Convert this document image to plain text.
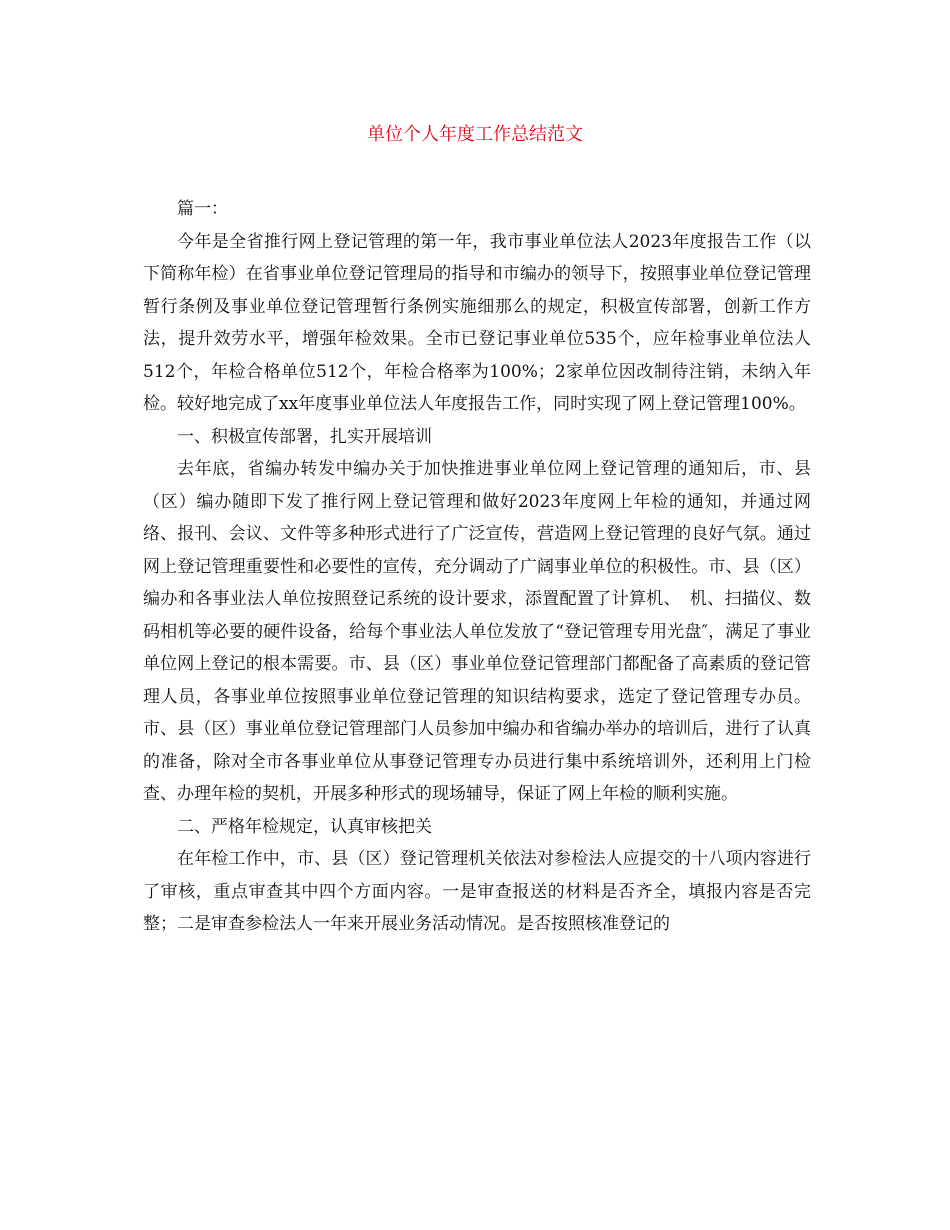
单位个人年度工作总结范文

篇一：

今年是全省推行网上登记管理的第一年，我市事业单位法人2023年度报告工作（以下简称年检）在省事业单位登记管理局的指导和市编办的领导下，按照事业单位登记管理暂行条例及事业单位登记管理暂行条例实施细那么的规定，积极宣传部署，创新工作方法，提升效劳水平，增强年检效果。全市已登记事业单位535个，应年检事业单位法人512个，年检合格单位512个，年检合格率为100%；2家单位因改制待注销，未纳入年检。较好地完成了xx年度事业单位法人年度报告工作，同时实现了网上登记管理100%。

一、积极宣传部署，扎实开展培训

去年底，省编办转发中编办关于加快推进事业单位网上登记管理的通知后，市、县（区）编办随即下发了推行网上登记管理和做好2023年度网上年检的通知，并通过网络、报刊、会议、文件等多种形式进行了广泛宣传，营造网上登记管理的良好气氛。通过网上登记管理重要性和必要性的宣传，充分调动了广阔事业单位的积极性。市、县（区）编办和各事业法人单位按照登记系统的设计要求，添置配置了计算机、　机、扫描仪、数码相机等必要的硬件设备，给每个事业法人单位发放了“登记管理专用光盘″，满足了事业单位网上登记的根本需要。市、县（区）事业单位登记管理部门都配备了高素质的登记管理人员，各事业单位按照事业单位登记管理的知识结构要求，选定了登记管理专办员。市、县（区）事业单位登记管理部门人员参加中编办和省编办举办的培训后，进行了认真的准备，除对全市各事业单位从事登记管理专办员进行集中系统培训外，还利用上门检查、办理年检的契机，开展多种形式的现场辅导，保证了网上年检的顺利实施。

二、严格年检规定，认真审核把关

在年检工作中，市、县（区）登记管理机关依法对参检法人应提交的十八项内容进行了审核，重点审查其中四个方面内容。一是审查报送的材料是否齐全，填报内容是否完整；二是审查参检法人一年来开展业务活动情况。是否按照核准登记的
